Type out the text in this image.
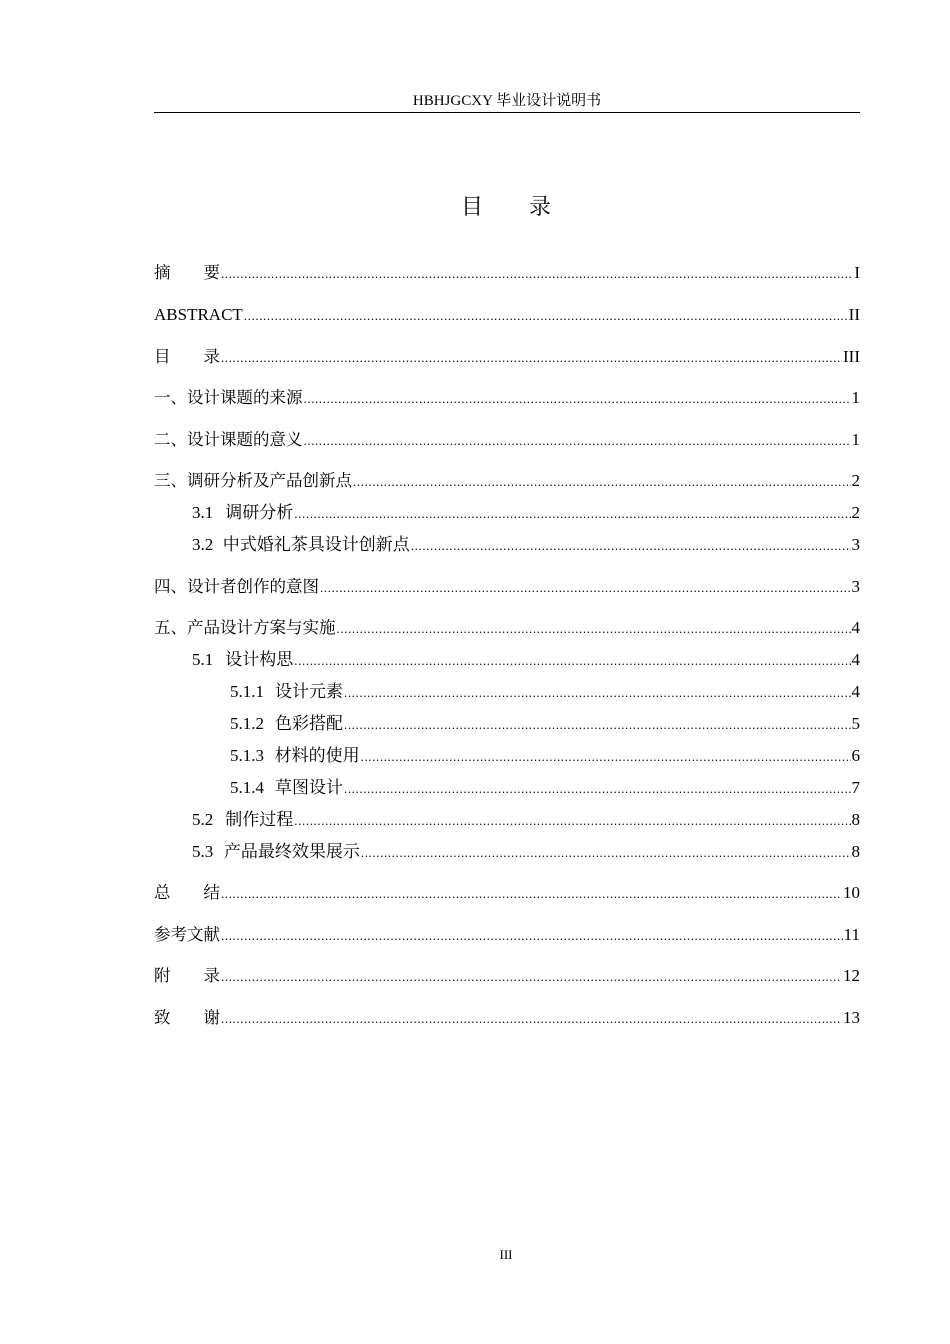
HBHJGCXY 毕业设计说明书
目 录
摘　　要 .....	I
ABSTRACT .....	II
目　　录 .....	III
一、设计课题的来源 .....	1
二、设计课题的意义 .....	1
三、调研分析及产品创新点 .....	2
3.1 调研分析 .....	2
3.2 中式婚礼茶具设计创新点 .....	3
四、设计者创作的意图 .....	3
五、产品设计方案与实施 .....	4
5.1 设计构思 .....	4
5.1.1 设计元素 .....	4
5.1.2 色彩搭配 .....	5
5.1.3 材料的使用 .....	6
5.1.4 草图设计 .....	7
5.2 制作过程 .....	8
5.3 产品最终效果展示 .....	8
总　　结 .....	10
参考文献 .....	11
附　　录 .....	12
致　　谢 .....	13
III
